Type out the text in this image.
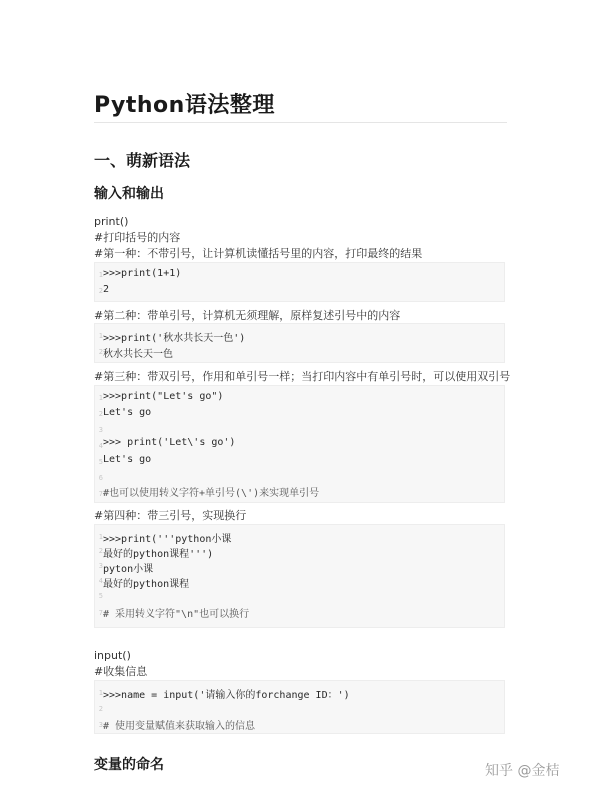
Python语法整理
一、萌新语法
输入和输出

print()

#打印括号的内容

#第一种：不带引号，让计算机读懂括号里的内容，打印最终的结果

1 >>>print(1+1)
2 2

#第二种：带单引号，计算机无须理解，原样复述引号中的内容

1 >>>print('秋水共长天一色')
2 秋水共长天一色

#第三种：带双引号，作用和单引号一样；当打印内容中有单引号时，可以使用双引号

1 >>>print("Let's go")
2 Let's go
3
4 >>> print('Let\'s go')
5 Let's go
6
7 #也可以使用转义字符+单引号(\')来实现单引号

#第四种：带三引号，实现换行

1 >>>print('''python小课
2 最好的python课程''')
3 pyton小课
4 最好的python课程
5
7 # 采用转义字符"\n"也可以换行

input()

#收集信息

1 >>>name = input('请输入你的forchange ID：')
2
3 # 使用变量赋值来获取输入的信息
变量的命名	知乎 @金桔
